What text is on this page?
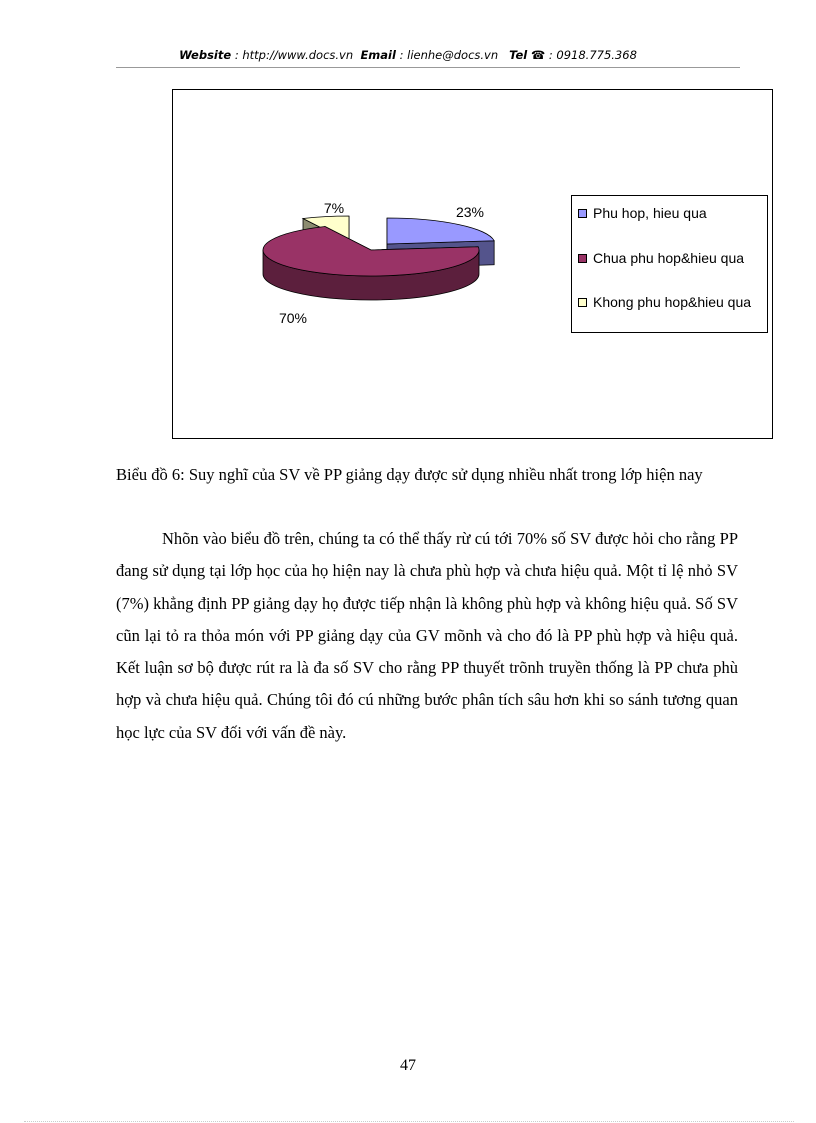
Website : http://www.docs.vn Email : lienhe@docs.vn Tel ☎ : 0918.775.368
23%
70%
7%	Phu hop, hieu qua
Chua phu hop&hieu qua
Khong phu hop&hieu qua
Biểu đồ 6: Suy nghĩ của SV về PP giảng dạy được sử dụng nhiều nhất trong lớp hiện nay
Nhõn vào biểu đồ trên, chúng ta có thể thấy rừ cú tới 70% số SV được hỏi cho rằng PP đang sử dụng tại lớp học của họ hiện nay là chưa phù hợp và chưa hiệu quả. Một tỉ lệ nhỏ SV (7%) khẳng định PP giảng dạy họ được tiếp nhận là không phù hợp và không hiệu quả. Số SV cũn lại tỏ ra thỏa món với PP giảng dạy của GV mõnh và cho đó là PP phù hợp và hiệu quả. Kết luận sơ bộ được rút ra là đa số SV cho rằng PP thuyết trõnh truyền thống là PP chưa phù hợp và chưa hiệu quả. Chúng tôi đó cú những bước phân tích sâu hơn khi so sánh tương quan học lực của SV đối với vấn đề này.
47
